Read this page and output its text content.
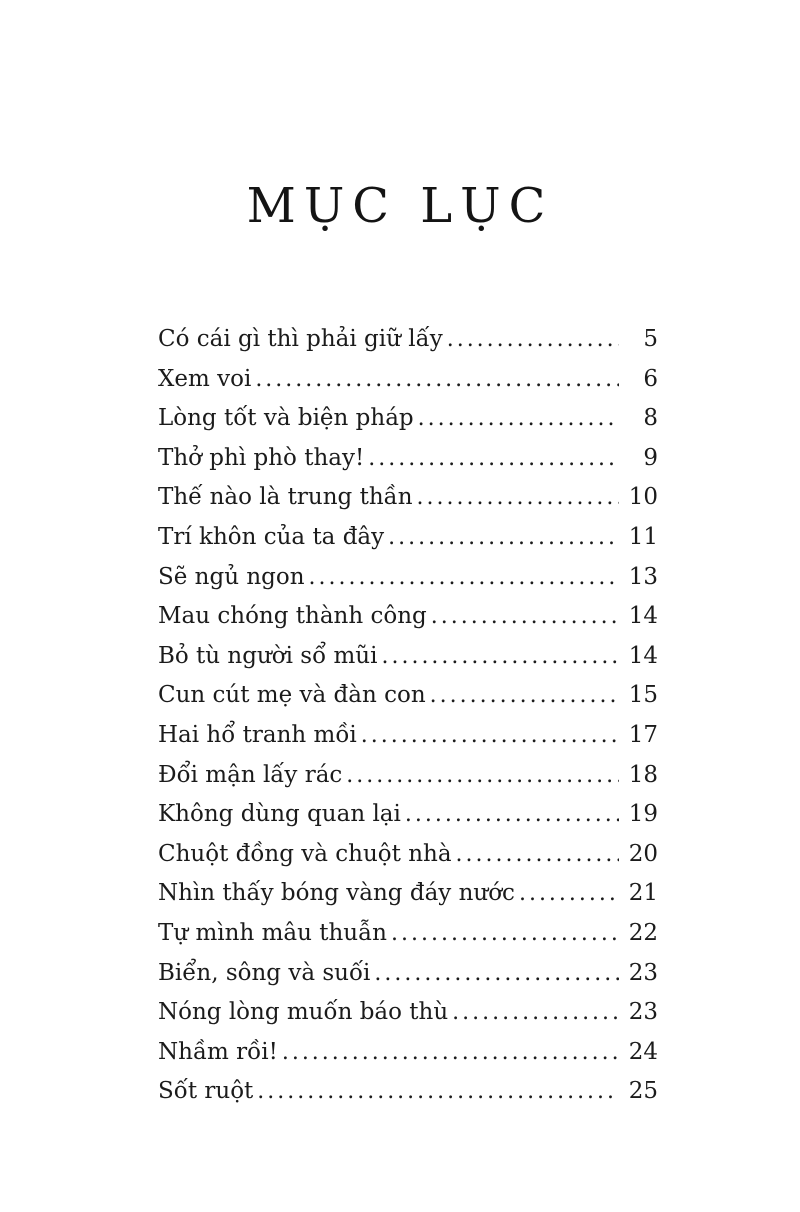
MỤC LỤC
Có cái gì thì phải giữ lấy .....	5
Xem voi .....	6
Lòng tốt và biện pháp .....	8
Thở phì phò thay! .....	9
Thế nào là trung thần .....	10
Trí khôn của ta đây .....	11
Sẽ ngủ ngon .....	13
Mau chóng thành công .....	14
Bỏ tù người sổ mũi .....	14
Cun cút mẹ và đàn con .....	15
Hai hổ tranh mồi .....	17
Đổi mận lấy rác .....	18
Không dùng quan lại .....	19
Chuột đồng và chuột nhà .....	20
Nhìn thấy bóng vàng đáy nước .....	21
Tự mình mâu thuẫn .....	22
Biển, sông và suối .....	23
Nóng lòng muốn báo thù .....	23
Nhầm rồi! .....	24
Sốt ruột .....	25
